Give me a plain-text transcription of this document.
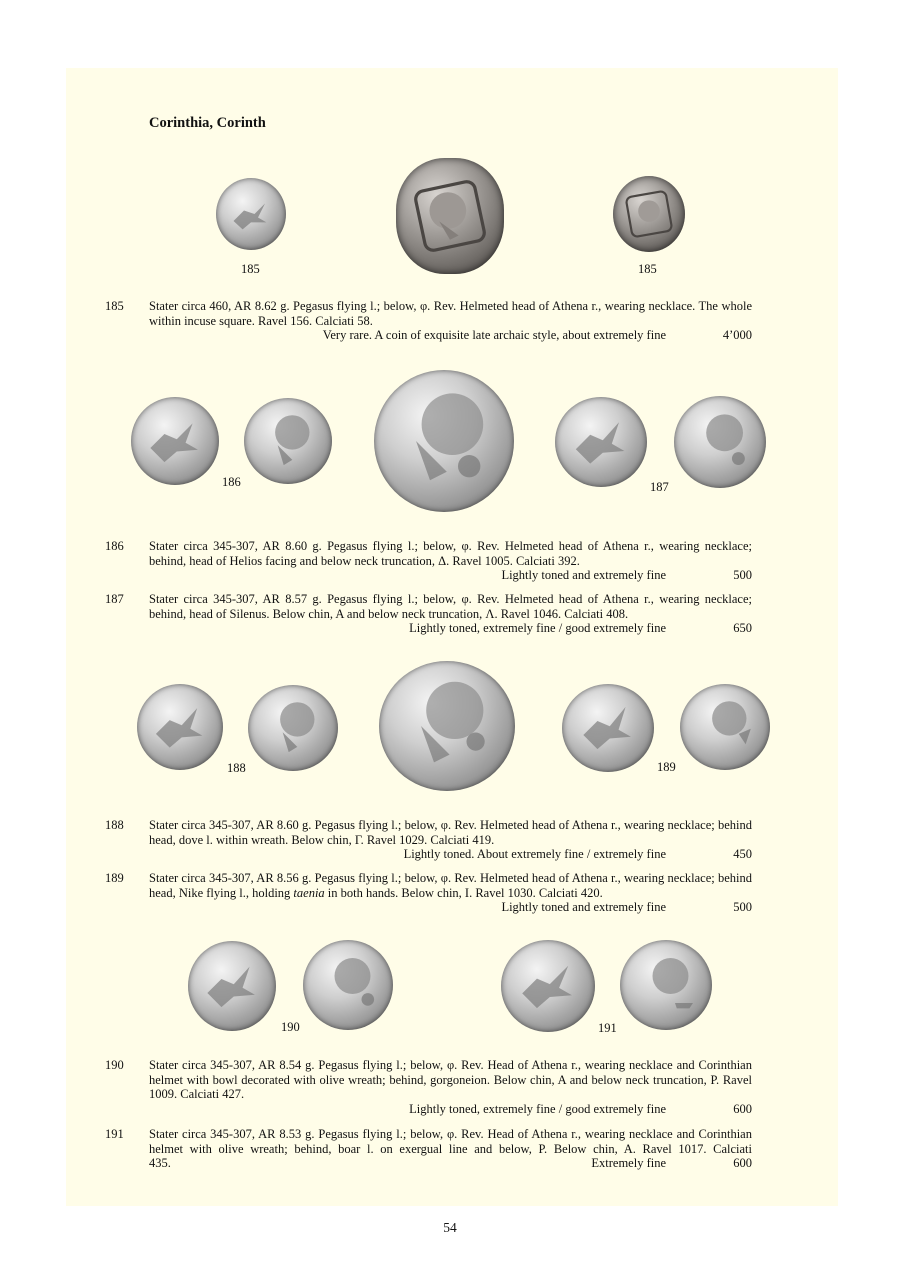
Corinthia, Corinth
185	185
185 Stater circa 460, AR 8.62 g. Pegasus flying l.; below, φ. Rev. Helmeted head of Athena r., wearing necklace. The whole within incuse square. Ravel 156. Calciati 58.
Very rare. A coin of exquisite late archaic style, about extremely fine	4’000
186	187
186 Stater circa 345-307, AR 8.60 g. Pegasus flying l.; below, φ. Rev. Helmeted head of Athena r., wearing necklace; behind, head of Helios facing and below neck truncation, Δ. Ravel 1005. Calciati 392.
Lightly toned and extremely fine	500
187 Stater circa 345-307, AR 8.57 g. Pegasus flying l.; below, φ. Rev. Helmeted head of Athena r., wearing necklace; behind, head of Silenus. Below chin, A and below neck truncation, Λ. Ravel 1046. Calciati 408.
Lightly toned, extremely fine / good extremely fine	650
188	189
188 Stater circa 345-307, AR 8.60 g. Pegasus flying l.; below, φ. Rev. Helmeted head of Athena r., wearing necklace; behind head, dove l. within wreath. Below chin, Γ. Ravel 1029. Calciati 419.
Lightly toned. About extremely fine / extremely fine	450
189 Stater circa 345-307, AR 8.56 g. Pegasus flying l.; below, φ. Rev. Helmeted head of Athena r., wearing necklace; behind head, Nike flying l., holding taenia in both hands. Below chin, I. Ravel 1030. Calciati 420.
Lightly toned and extremely fine	500
190	191
190 Stater circa 345-307, AR 8.54 g. Pegasus flying l.; below, φ. Rev. Head of Athena r., wearing necklace and Corinthian helmet with bowl decorated with olive wreath; behind, gorgoneion. Below chin, A and below neck truncation, P. Ravel 1009. Calciati 427.
Lightly toned, extremely fine / good extremely fine	600
191 Stater circa 345-307, AR 8.53 g. Pegasus flying l.; below, φ. Rev. Head of Athena r., wearing necklace and Corinthian helmet with olive wreath; behind, boar l. on exergual line and below, P. Below chin, A. Ravel 1017. Calciati 435.	Extremely fine	600
54
